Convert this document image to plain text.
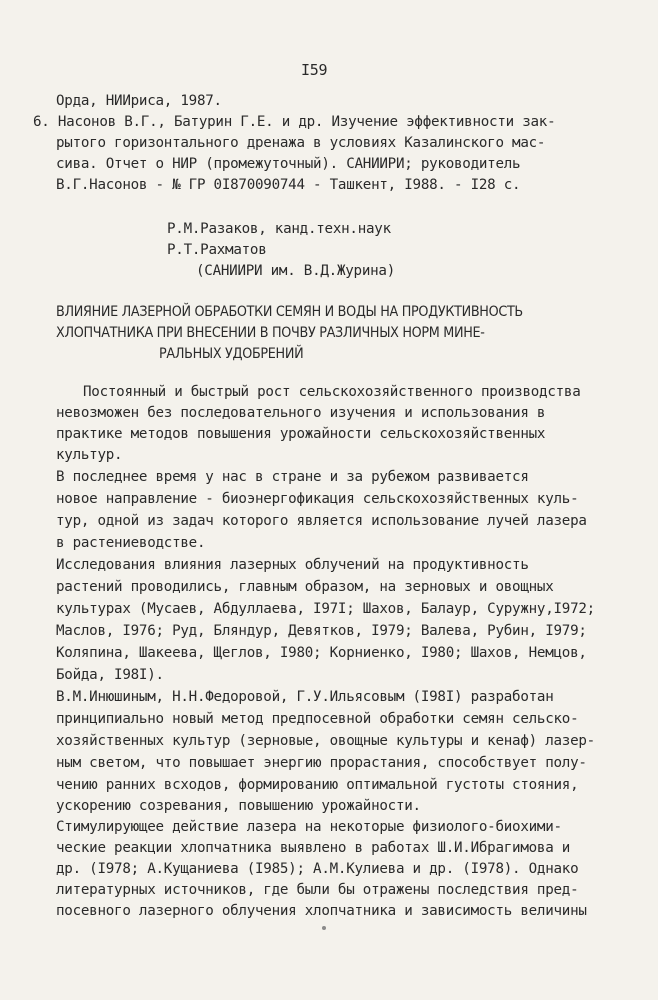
I59
Орда, НИИриса, 1987.
6. Насонов В.Г., Батурин Г.Е. и др. Изучение эффективности зак-
рытого горизонтального дренажа в условиях Казалинского мас-
сива. Отчет о НИР (промежуточный). САНИИРИ; руководитель
В.Г.Насонов - № ГР 0I870090744 - Ташкент, I988. - I28 с.
Р.М.Разаков, канд.техн.наук
Р.Т.Рахматов
(САНИИРИ им. В.Д.Журина)
ВЛИЯНИЕ ЛАЗЕРНОЙ ОБРАБОТКИ СЕМЯН И ВОДЫ НА ПРОДУКТИВНОСТЬ
ХЛОПЧАТНИКА ПРИ ВНЕСЕНИИ В ПОЧВУ РАЗЛИЧНЫХ НОРМ МИНЕ-
РАЛЬНЫХ УДОБРЕНИЙ
Постоянный и быстрый рост сельскохозяйственного производства
невозможен без последовательного изучения и использования в
практике методов повышения урожайности сельскохозяйственных
культур.
В последнее время у нас в стране и за рубежом развивается
новое направление - биоэнергофикация сельскохозяйственных куль-
тур, одной из задач которого является использование лучей лазера
в растениеводстве.
Исследования влияния лазерных облучений на продуктивность
растений проводились, главным образом, на зерновых и овощных
культурах (Мусаев, Абдуллаева, I97I; Шахов, Балаур, Суружну,I972;
Маслов, I976; Руд, Бляндур, Девятков, I979; Валева, Рубин, I979;
Коляпина, Шакеева, Щеглов, I980; Корниенко, I980; Шахов, Немцов,
Бойда, I98I).
В.М.Инюшиным, Н.Н.Федоровой, Г.У.Ильясовым (I98I) разработан
принципиально новый метод предпосевной обработки семян сельско-
хозяйственных культур (зерновые, овощные культуры и кенаф) лазер-
ным светом, что повышает энергию прорастания, способствует полу-
чению ранних всходов, формированию оптимальной густоты стояния,
ускорению созревания, повышению урожайности.
Стимулирующее действие лазера на некоторые физиолого-биохими-
ческие реакции хлопчатника выявлено в работах Ш.И.Ибрагимова и
др. (I978; А.Кущаниева (I985); А.М.Кулиева и др. (I978). Однако
литературных источников, где были бы отражены последствия пред-
посевного лазерного облучения хлопчатника и зависимость величины
